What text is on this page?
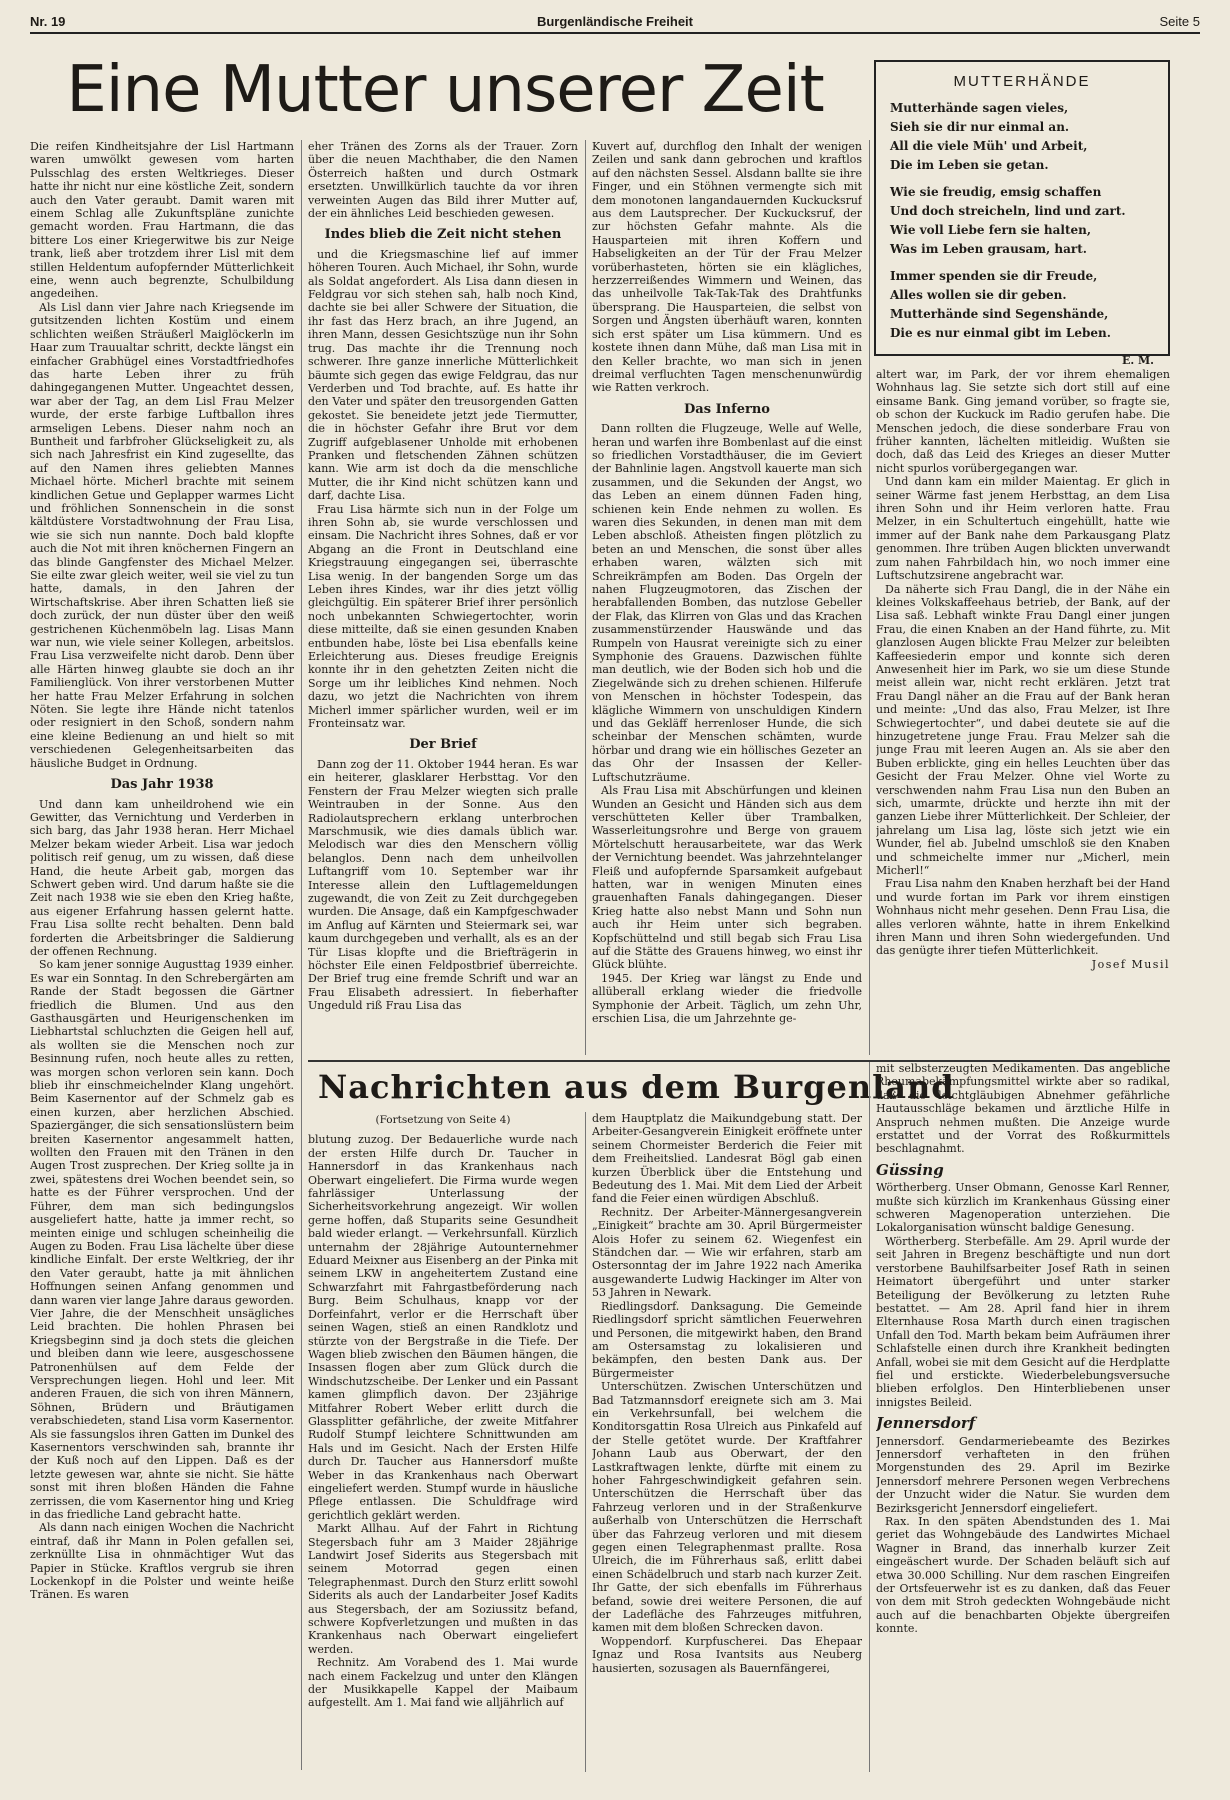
Nr. 19	Burgenländische Freiheit	Seite 5
Eine Mutter unserer Zeit

Die reifen Kindheitsjahre der Lisl Hartmann waren umwölkt gewesen vom harten Pulsschlag des ersten Weltkrieges. Dieser hatte ihr nicht nur eine köstliche Zeit, sondern auch den Vater geraubt. Damit waren mit einem Schlag alle Zukunftspläne zunichte gemacht worden. Frau Hartmann, die das bittere Los einer Kriegerwitwe bis zur Neige trank, ließ aber trotzdem ihrer Lisl mit dem stillen Heldentum aufopfernder Mütterlichkeit eine, wenn auch begrenzte, Schulbildung angedeihen.

Als Lisl dann vier Jahre nach Kriegsende im gutsitzenden lichten Kostüm und einem schlichten weißen Sträußerl Maiglöckerln im Haar zum Trauualtar schritt, deckte längst ein einfacher Grabhügel eines Vorstadtfriedhofes das harte Leben ihrer zu früh dahingegangenen Mutter. Ungeachtet dessen, war aber der Tag, an dem Lisl Frau Melzer wurde, der erste farbige Luftballon ihres armseligen Lebens. Dieser nahm noch an Buntheit und farbfroher Glückseligkeit zu, als sich nach Jahresfrist ein Kind zugesellte, das auf den Namen ihres geliebten Mannes Michael hörte. Micherl brachte mit seinem kindlichen Getue und Geplapper warmes Licht und fröhlichen Sonnenschein in die sonst kältdüstere Vorstadtwohnung der Frau Lisa, wie sie sich nun nannte. Doch bald klopfte auch die Not mit ihren knöchernen Fingern an das blinde Gangfenster des Michael Melzer. Sie eilte zwar gleich weiter, weil sie viel zu tun hatte, damals, in den Jahren der Wirtschaftskrise. Aber ihren Schatten ließ sie doch zurück, der nun düster über den weiß gestrichenen Küchenmöbeln lag. Lisas Mann war nun, wie viele seiner Kollegen, arbeitslos. Frau Lisa verzweifelte nicht darob. Denn über alle Härten hinweg glaubte sie doch an ihr Familienglück. Von ihrer verstorbenen Mutter her hatte Frau Melzer Erfahrung in solchen Nöten. Sie legte ihre Hände nicht tatenlos oder resigniert in den Schoß, sondern nahm eine kleine Bedienung an und hielt so mit verschiedenen Gelegenheitsarbeiten das häusliche Budget in Ordnung.

Das Jahr 1938

Und dann kam unheildrohend wie ein Gewitter, das Vernichtung und Verderben in sich barg, das Jahr 1938 heran. Herr Michael Melzer bekam wieder Arbeit. Lisa war jedoch politisch reif genug, um zu wissen, daß diese Hand, die heute Arbeit gab, morgen das Schwert geben wird. Und darum haßte sie die Zeit nach 1938 wie sie eben den Krieg haßte, aus eigener Erfahrung hassen gelernt hatte. Frau Lisa sollte recht behalten. Denn bald forderten die Arbeitsbringer die Saldierung der offenen Rechnung.

So kam jener sonnige Augusttag 1939 einher. Es war ein Sonntag. In den Schrebergärten am Rande der Stadt begossen die Gärtner friedlich die Blumen. Und aus den Gasthausgärten und Heurigenschenken im Liebhartstal schluchzten die Geigen hell auf, als wollten sie die Menschen noch zur Besinnung rufen, noch heute alles zu retten, was morgen schon verloren sein kann. Doch blieb ihr einschmeichelnder Klang ungehört. Beim Kasernentor auf der Schmelz gab es einen kurzen, aber herzlichen Abschied. Spaziergänger, die sich sensationslüstern beim breiten Kasernentor angesammelt hatten, wollten den Frauen mit den Tränen in den Augen Trost zusprechen. Der Krieg sollte ja in zwei, spätestens drei Wochen beendet sein, so hatte es der Führer versprochen. Und der Führer, dem man sich bedingungslos ausgeliefert hatte, hatte ja immer recht, so meinten einige und schlugen scheinheilig die Augen zu Boden. Frau Lisa lächelte über diese kindliche Einfalt. Der erste Weltkrieg, der ihr den Vater geraubt, hatte ja mit ähnlichen Hoffnungen seinen Anfang genommen und dann waren vier lange Jahre daraus geworden. Vier Jahre, die der Menschheit unsägliches Leid brachten. Die hohlen Phrasen bei Kriegsbeginn sind ja doch stets die gleichen und bleiben dann wie leere, ausgeschossene Patronenhülsen auf dem Felde der Versprechungen liegen. Hohl und leer. Mit anderen Frauen, die sich von ihren Männern, Söhnen, Brüdern und Bräutigamen verabschiedeten, stand Lisa vorm Kasernentor. Als sie fassungslos ihren Gatten im Dunkel des Kasernentors verschwinden sah, brannte ihr der Kuß noch auf den Lippen. Daß es der letzte gewesen war, ahnte sie nicht. Sie hätte sonst mit ihren bloßen Händen die Fahne zerrissen, die vom Kasernentor hing und Krieg in das friedliche Land gebracht hatte.

Als dann nach einigen Wochen die Nachricht eintraf, daß ihr Mann in Polen gefallen sei, zerknüllte Lisa in ohnmächtiger Wut das Papier in Stücke. Kraftlos vergrub sie ihren Lockenkopf in die Polster und weinte heiße Tränen. Es waren

eher Tränen des Zorns als der Trauer. Zorn über die neuen Machthaber, die den Namen Österreich haßten und durch Ostmark ersetzten. Unwillkürlich tauchte da vor ihren verweinten Augen das Bild ihrer Mutter auf, der ein ähnliches Leid beschieden gewesen.

Indes blieb die Zeit nicht stehen

und die Kriegsmaschine lief auf immer höheren Touren. Auch Michael, ihr Sohn, wurde als Soldat angefordert. Als Lisa dann diesen in Feldgrau vor sich stehen sah, halb noch Kind, dachte sie bei aller Schwere der Situation, die ihr fast das Herz brach, an ihre Jugend, an ihren Mann, dessen Gesichtszüge nun ihr Sohn trug. Das machte ihr die Trennung noch schwerer. Ihre ganze innerliche Mütterlichkeit bäumte sich gegen das ewige Feldgrau, das nur Verderben und Tod brachte, auf. Es hatte ihr den Vater und später den treusorgenden Gatten gekostet. Sie beneidete jetzt jede Tiermutter, die in höchster Gefahr ihre Brut vor dem Zugriff aufgeblasener Unholde mit erhobenen Pranken und fletschenden Zähnen schützen kann. Wie arm ist doch da die menschliche Mutter, die ihr Kind nicht schützen kann und darf, dachte Lisa.

Frau Lisa härmte sich nun in der Folge um ihren Sohn ab, sie wurde verschlossen und einsam. Die Nachricht ihres Sohnes, daß er vor Abgang an die Front in Deutschland eine Kriegstrauung eingegangen sei, überraschte Lisa wenig. In der bangenden Sorge um das Leben ihres Kindes, war ihr dies jetzt völlig gleichgültig. Ein späterer Brief ihrer persönlich noch unbekannten Schwiegertochter, worin diese mitteilte, daß sie einen gesunden Knaben entbunden habe, löste bei Lisa ebenfalls keine Erleichterung aus. Dieses freudige Ereignis konnte ihr in den gehetzten Zeiten nicht die Sorge um ihr leibliches Kind nehmen. Noch dazu, wo jetzt die Nachrichten von ihrem Micherl immer spärlicher wurden, weil er im Fronteinsatz war.

Der Brief

Dann zog der 11. Oktober 1944 heran. Es war ein heiterer, glasklarer Herbsttag. Vor den Fenstern der Frau Melzer wiegten sich pralle Weintrauben in der Sonne. Aus den Radiolautsprechern erklang unterbrochen Marschmusik, wie dies damals üblich war. Melodisch war dies den Menschern völlig belanglos. Denn nach dem unheilvollen Luftangriff vom 10. September war ihr Interesse allein den Luftlagemeldungen zugewandt, die von Zeit zu Zeit durchgegeben wurden. Die Ansage, daß ein Kampfgeschwader im Anflug auf Kärnten und Steiermark sei, war kaum durchgegeben und verhallt, als es an der Tür Lisas klopfte und die Briefträgerin in höchster Eile einen Feldpostbrief überreichte. Der Brief trug eine fremde Schrift und war an Frau Elisabeth adressiert. In fieberhafter Ungeduld riß Frau Lisa das

Kuvert auf, durchflog den Inhalt der wenigen Zeilen und sank dann gebrochen und kraftlos auf den nächsten Sessel. Alsdann ballte sie ihre Finger, und ein Stöhnen vermengte sich mit dem monotonen langandauernden Kuckucksruf aus dem Lautsprecher. Der Kuckucksruf, der zur höchsten Gefahr mahnte. Als die Hausparteien mit ihren Koffern und Habseligkeiten an der Tür der Frau Melzer vorüberhasteten, hörten sie ein klägliches, herzzerreißendes Wimmern und Weinen, das das unheilvolle Tak-Tak-Tak des Drahtfunks übersprang. Die Hausparteien, die selbst von Sorgen und Ängsten überhäuft waren, konnten sich erst später um Lisa kümmern. Und es kostete ihnen dann Mühe, daß man Lisa mit in den Keller brachte, wo man sich in jenen dreimal verfluchten Tagen menschenunwürdig wie Ratten verkroch.

Das Inferno

Dann rollten die Flugzeuge, Welle auf Welle, heran und warfen ihre Bombenlast auf die einst so friedlichen Vorstadthäuser, die im Geviert der Bahnlinie lagen. Angstvoll kauerte man sich zusammen, und die Sekunden der Angst, wo das Leben an einem dünnen Faden hing, schienen kein Ende nehmen zu wollen. Es waren dies Sekunden, in denen man mit dem Leben abschloß. Atheisten fingen plötzlich zu beten an und Menschen, die sonst über alles erhaben waren, wälzten sich mit Schreikrämpfen am Boden. Das Orgeln der nahen Flugzeugmotoren, das Zischen der herabfallenden Bomben, das nutzlose Gebeller der Flak, das Klirren von Glas und das Krachen zusammenstürzender Hauswände und das Rumpeln von Hausrat vereinigte sich zu einer Symphonie des Grauens. Dazwischen fühlte man deutlich, wie der Boden sich hob und die Ziegelwände sich zu drehen schienen. Hilferufe von Menschen in höchster Todespein, das klägliche Wimmern von unschuldigen Kindern und das Gekläff herrenloser Hunde, die sich scheinbar der Menschen schämten, wurde hörbar und drang wie ein höllisches Gezeter an das Ohr der Insassen der Keller-Luftschutzräume.

Als Frau Lisa mit Abschürfungen und kleinen Wunden an Gesicht und Händen sich aus dem verschütteten Keller über Trambalken, Wasserleitungsrohre und Berge von grauem Mörtelschutt herausarbeitete, war das Werk der Vernichtung beendet. Was jahrzehntelanger Fleiß und aufopfernde Sparsamkeit aufgebaut hatten, war in wenigen Minuten eines grauenhaften Fanals dahingegangen. Dieser Krieg hatte also nebst Mann und Sohn nun auch ihr Heim unter sich begraben. Kopfschüttelnd und still begab sich Frau Lisa auf die Stätte des Grauens hinweg, wo einst ihr Glück blühte.

1945. Der Krieg war längst zu Ende und allüberall erklang wieder die friedvolle Symphonie der Arbeit. Täglich, um zehn Uhr, erschien Lisa, die um Jahrzehnte ge-

MUTTERHÄNDE
Mutterhände sagen vieles,
Sieh sie dir nur einmal an.
All die viele Müh' und Arbeit,
Die im Leben sie getan.
Wie sie freudig, emsig schaffen
Und doch streicheln, lind und zart.
Wie voll Liebe fern sie halten,
Was im Leben grausam, hart.
Immer spenden sie dir Freude,
Alles wollen sie dir geben.
Mutterhände sind Segenshände,
Die es nur einmal gibt im Leben.
E. M.

altert war, im Park, der vor ihrem ehemaligen Wohnhaus lag. Sie setzte sich dort still auf eine einsame Bank. Ging jemand vorüber, so fragte sie, ob schon der Kuckuck im Radio gerufen habe. Die Menschen jedoch, die diese sonderbare Frau von früher kannten, lächelten mitleidig. Wußten sie doch, daß das Leid des Krieges an dieser Mutter nicht spurlos vorübergegangen war.

Und dann kam ein milder Maientag. Er glich in seiner Wärme fast jenem Herbsttag, an dem Lisa ihren Sohn und ihr Heim verloren hatte. Frau Melzer, in ein Schultertuch eingehüllt, hatte wie immer auf der Bank nahe dem Parkausgang Platz genommen. Ihre trüben Augen blickten unverwandt zum nahen Fahrbildach hin, wo noch immer eine Luftschutzsirene angebracht war.

Da näherte sich Frau Dangl, die in der Nähe ein kleines Volkskaffeehaus betrieb, der Bank, auf der Lisa saß. Lebhaft winkte Frau Dangl einer jungen Frau, die einen Knaben an der Hand führte, zu. Mit glanzlosen Augen blickte Frau Melzer zur beleibten Kaffeesiederin empor und konnte sich deren Anwesenheit hier im Park, wo sie um diese Stunde meist allein war, nicht recht erklären. Jetzt trat Frau Dangl näher an die Frau auf der Bank heran und meinte: „Und das also, Frau Melzer, ist Ihre Schwiegertochter“, und dabei deutete sie auf die hinzugetretene junge Frau. Frau Melzer sah die junge Frau mit leeren Augen an. Als sie aber den Buben erblickte, ging ein helles Leuchten über das Gesicht der Frau Melzer. Ohne viel Worte zu verschwenden nahm Frau Lisa nun den Buben an sich, umarmte, drückte und herzte ihn mit der ganzen Liebe ihrer Mütterlichkeit. Der Schleier, der jahrelang um Lisa lag, löste sich jetzt wie ein Wunder, fiel ab. Jubelnd umschloß sie den Knaben und schmeichelte immer nur „Micherl, mein Micherl!“

Frau Lisa nahm den Knaben herzhaft bei der Hand und wurde fortan im Park vor ihrem einstigen Wohnhaus nicht mehr gesehen. Denn Frau Lisa, die alles verloren wähnte, hatte in ihrem Enkelkind ihren Mann und ihren Sohn wiedergefunden. Und das genügte ihrer tiefen Mütterlichkeit.

Josef Musil

Nachrichten aus dem Burgenland

(Fortsetzung von Seite 4)

blutung zuzog. Der Bedauerliche wurde nach der ersten Hilfe durch Dr. Taucher in Hannersdorf in das Krankenhaus nach Oberwart eingeliefert. Die Firma wurde wegen fahrlässiger Unterlassung der Sicherheitsvorkehrung angezeigt. Wir wollen gerne hoffen, daß Stuparits seine Gesundheit bald wieder erlangt. — Verkehrsunfall. Kürzlich unternahm der 28jährige Autounternehmer Eduard Meixner aus Eisenberg an der Pinka mit seinem LKW in angeheitertem Zustand eine Schwarzfahrt mit Fahrgastbeförderung nach Burg. Beim Schulhaus, knapp vor der Dorfeinfahrt, verlor er die Herrschaft über seinen Wagen, stieß an einen Randklotz und stürzte von der Bergstraße in die Tiefe. Der Wagen blieb zwischen den Bäumen hängen, die Insassen flogen aber zum Glück durch die Windschutzscheibe. Der Lenker und ein Passant kamen glimpflich davon. Der 23jährige Mitfahrer Robert Weber erlitt durch die Glassplitter gefährliche, der zweite Mitfahrer Rudolf Stumpf leichtere Schnittwunden am Hals und im Gesicht. Nach der Ersten Hilfe durch Dr. Taucher aus Hannersdorf mußte Weber in das Krankenhaus nach Oberwart eingeliefert werden. Stumpf wurde in häusliche Pflege entlassen. Die Schuldfrage wird gerichtlich geklärt werden.

Markt Allhau. Auf der Fahrt in Richtung Stegersbach fuhr am 3 Maider 28jährige Landwirt Josef Siderits aus Stegersbach mit seinem Motorrad gegen einen Telegraphenmast. Durch den Sturz erlitt sowohl Siderits als auch der Landarbeiter Josef Kadits aus Stegersbach, der am Soziussitz befand, schwere Kopfverletzungen und mußten in das Krankenhaus nach Oberwart eingeliefert werden.

Rechnitz. Am Vorabend des 1. Mai wurde nach einem Fackelzug und unter den Klängen der Musikkapelle Kappel der Maibaum aufgestellt. Am 1. Mai fand wie alljährlich auf

dem Hauptplatz die Maikundgebung statt. Der Arbeiter-Gesangverein Einigkeit eröffnete unter seinem Chormeister Berderich die Feier mit dem Freiheitslied. Landesrat Bögl gab einen kurzen Überblick über die Entstehung und Bedeutung des 1. Mai. Mit dem Lied der Arbeit fand die Feier einen würdigen Abschluß.

Rechnitz. Der Arbeiter-Männergesangverein „Einigkeit“ brachte am 30. April Bürgermeister Alois Hofer zu seinem 62. Wiegenfest ein Ständchen dar. — Wie wir erfahren, starb am Ostersonntag der im Jahre 1922 nach Amerika ausgewanderte Ludwig Hackinger im Alter von 53 Jahren in Newark.

Riedlingsdorf. Danksagung. Die Gemeinde Riedlingsdorf spricht sämtlichen Feuerwehren und Personen, die mitgewirkt haben, den Brand am Ostersamstag zu lokalisieren und bekämpfen, den besten Dank aus. Der Bürgermeister

Unterschützen. Zwischen Unterschützen und Bad Tatzmannsdorf ereignete sich am 3. Mai ein Verkehrsunfall, bei welchem die Konditorsgattin Rosa Ulreich aus Pinkafeld auf der Stelle getötet wurde. Der Kraftfahrer Johann Laub aus Oberwart, der den Lastkraftwagen lenkte, dürfte mit einem zu hoher Fahrgeschwindigkeit gefahren sein. Unterschützen die Herrschaft über das Fahrzeug verloren und in der Straßenkurve außerhalb von Unterschützen die Herrschaft über das Fahrzeug verloren und mit diesem gegen einen Telegraphenmast prallte. Rosa Ulreich, die im Führerhaus saß, erlitt dabei einen Schädelbruch und starb nach kurzer Zeit. Ihr Gatte, der sich ebenfalls im Führerhaus befand, sowie drei weitere Personen, die auf der Ladefläche des Fahrzeuges mitfuhren, kamen mit dem bloßen Schrecken davon.

Woppendorf. Kurpfuscherei. Das Ehepaar Ignaz und Rosa Ivantsits aus Neuberg hausierten, sozusagen als Bauernfängerei,

mit selbsterzeugten Medikamenten. Das angebliche Rheumabekämpfungsmittel wirkte aber so radikal, daß die leichtgläubigen Abnehmer gefährliche Hautausschläge bekamen und ärztliche Hilfe in Anspruch nehmen mußten. Die Anzeige wurde erstattet und der Vorrat des Roßkurmittels beschlagnahmt.

Güssing

Wörtherberg. Unser Obmann, Genosse Karl Renner, mußte sich kürzlich im Krankenhaus Güssing einer schweren Magenoperation unterziehen. Die Lokalorganisation wünscht baldige Genesung.

Wörtherberg. Sterbefälle. Am 29. April wurde der seit Jahren in Bregenz beschäftigte und nun dort verstorbene Bauhilfsarbeiter Josef Rath in seinen Heimatort übergeführt und unter starker Beteiligung der Bevölkerung zu letzten Ruhe bestattet. — Am 28. April fand hier in ihrem Elternhause Rosa Marth durch einen tragischen Unfall den Tod. Marth bekam beim Aufräumen ihrer Schlafstelle einen durch ihre Krankheit bedingten Anfall, wobei sie mit dem Gesicht auf die Herdplatte fiel und erstickte. Wiederbelebungsversuche blieben erfolglos. Den Hinterbliebenen unser innigstes Beileid.

Jennersdorf

Jennersdorf. Gendarmeriebeamte des Bezirkes Jennersdorf verhafteten in den frühen Morgenstunden des 29. April im Bezirke Jennersdorf mehrere Personen wegen Verbrechens der Unzucht wider die Natur. Sie wurden dem Bezirksgericht Jennersdorf eingeliefert.

Rax. In den späten Abendstunden des 1. Mai geriet das Wohngebäude des Landwirtes Michael Wagner in Brand, das innerhalb kurzer Zeit eingeäschert wurde. Der Schaden beläuft sich auf etwa 30.000 Schilling. Nur dem raschen Eingreifen der Ortsfeuerwehr ist es zu danken, daß das Feuer von dem mit Stroh gedeckten Wohngebäude nicht auch auf die benachbarten Objekte übergreifen konnte.
